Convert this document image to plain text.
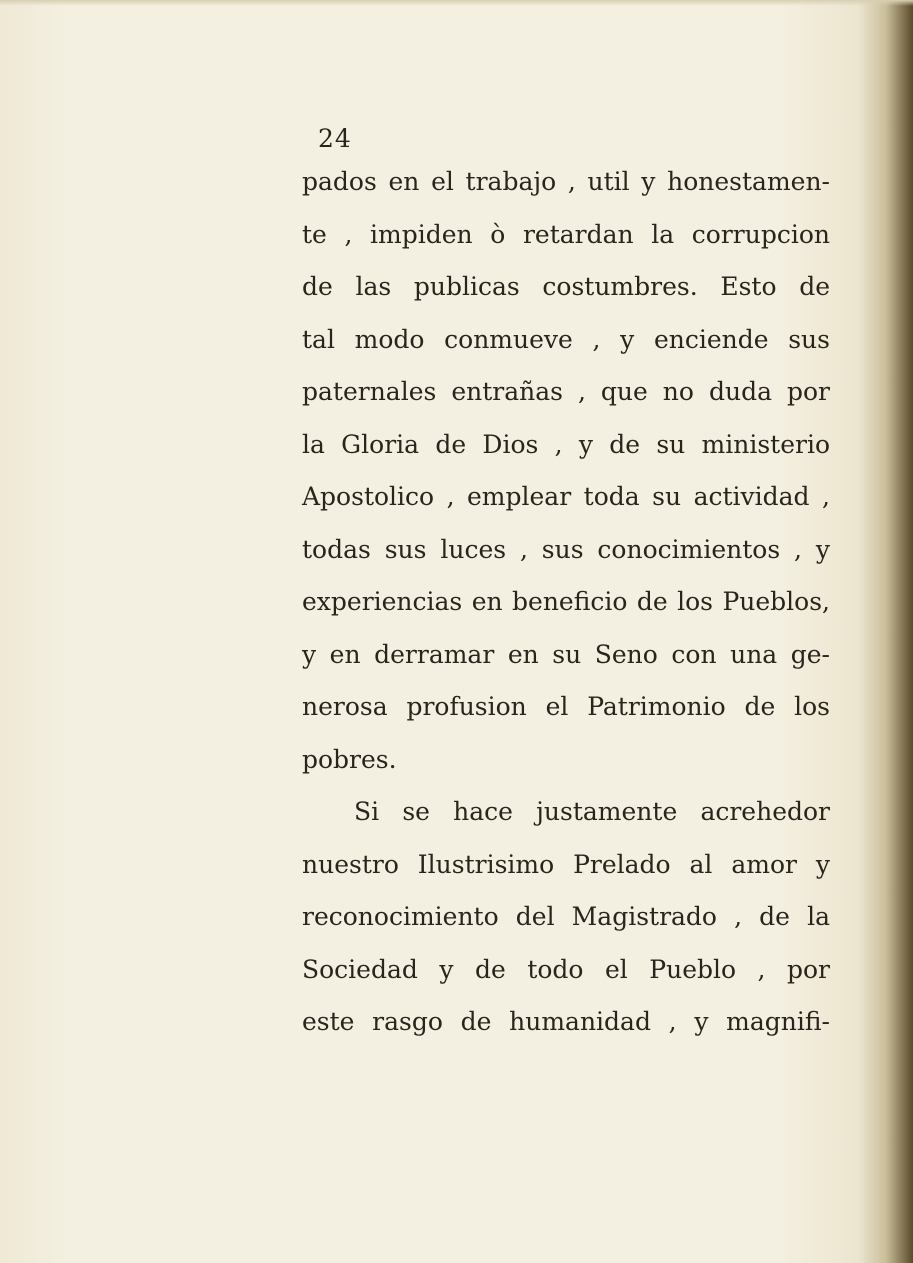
24
pados en el trabajo , util y honestamen-
te , impiden ò retardan la corrupcion
de las publicas costumbres. Esto de
tal modo conmueve , y enciende sus
paternales entrañas , que no duda por
la Gloria de Dios , y de su ministerio
Apostolico , emplear toda su actividad ,
todas sus luces , sus conocimientos , y
experiencias en beneficio de los Pueblos,
y en derramar en su Seno con una ge-
nerosa profusion el Patrimonio de los
pobres.
Si se hace justamente acrehedor
nuestro Ilustrisimo Prelado al amor y
reconocimiento del Magistrado , de la
Sociedad y de todo el Pueblo , por
este rasgo de humanidad , y magnifi-
